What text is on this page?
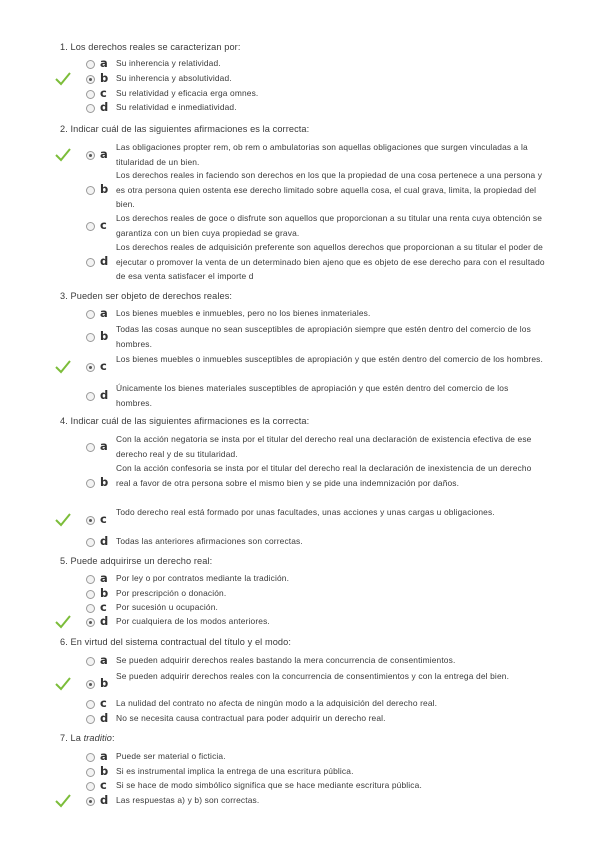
1. Los derechos reales se caracterizan por:
a Su inherencia y relatividad.
b Su inherencia y absolutividad.
c Su relatividad y eficacia erga omnes.
d Su relatividad e inmediatividad.
2. Indicar cuál de las siguientes afirmaciones es la correcta:
a Las obligaciones propter rem, ob rem o ambulatorias son aquellas obligaciones que surgen vinculadas a la titularidad de un bien.
b
Los derechos reales in faciendo son derechos en los que la propiedad de una cosa pertenece a una persona y es otra persona quien ostenta ese derecho limitado sobre aquella cosa, el cual grava, limita, la propiedad del bien.
c Los derechos reales de goce o disfrute son aquellos que proporcionan a su titular una renta cuya obtención se garantiza con un bien cuya propiedad se grava.
d
Los derechos reales de adquisición preferente son aquellos derechos que proporcionan a su titular el poder de ejecutar o promover la venta de un determinado bien ajeno que es objeto de ese derecho para con el resultado de esa venta satisfacer el importe d
3. Pueden ser objeto de derechos reales:
a Los bienes muebles e inmuebles, pero no los bienes inmateriales.
b Todas las cosas aunque no sean susceptibles de apropiación siempre que estén dentro del comercio de los hombres.
c Los bienes muebles o inmuebles susceptibles de apropiación y que estén dentro del comercio de los hombres.
d Únicamente los bienes materiales susceptibles de apropiación y que estén dentro del comercio de los hombres.
4. Indicar cuál de las siguientes afirmaciones es la correcta:
a Con la acción negatoria se insta por el titular del derecho real una declaración de existencia efectiva de ese derecho real y de su titularidad.
b
Con la acción confesoria se insta por el titular del derecho real la declaración de inexistencia de un derecho real a favor de otra persona sobre el mismo bien y se pide una indemnización por daños.
c Todo derecho real está formado por unas facultades, unas acciones y unas cargas u obligaciones.
d Todas las anteriores afirmaciones son correctas.
5. Puede adquirirse un derecho real:
a Por ley o por contratos mediante la tradición.
b Por prescripción o donación.
c Por sucesión u ocupación.
d Por cualquiera de los modos anteriores.
6. En virtud del sistema contractual del título y el modo:
a Se pueden adquirir derechos reales bastando la mera concurrencia de consentimientos.
b Se pueden adquirir derechos reales con la concurrencia de consentimientos y con la entrega del bien.
c La nulidad del contrato no afecta de ningún modo a la adquisición del derecho real.
d No se necesita causa contractual para poder adquirir un derecho real.
7. La traditio:
a Puede ser material o ficticia.
b Si es instrumental implica la entrega de una escritura pública.
c Si se hace de modo simbólico significa que se hace mediante escritura pública.
d Las respuestas a) y b) son correctas.
